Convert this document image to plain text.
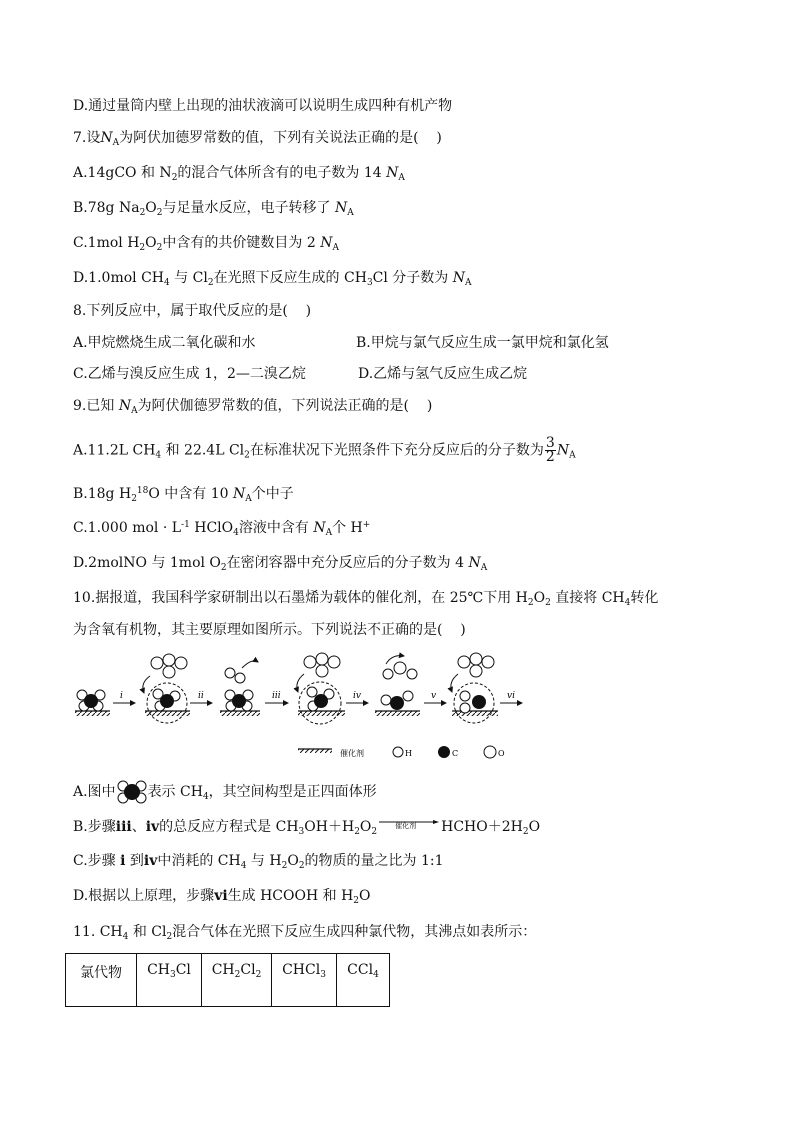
D.通过量筒内壁上出现的油状液滴可以说明生成四种有机产物
7.设$N_A$为阿伏加德罗常数的值，下列有关说法正确的是(    )
A.14gCO 和 $N_2$的混合气体所含有的电子数为 14 $N_A$
B.78g $Na_2O_2$与足量水反应，电子转移了 $N_A$
C.1mol $H_2O_2$中含有的共价键数目为 2 $N_A$
D.1.0mol $CH_4$ 与 $Cl_2$在光照下反应生成的 $CH_3Cl$ 分子数为 $N_A$
8.下列反应中，属于取代反应的是(    )
A.甲烷燃烧生成二氧化碳和水	B.甲烷与氯气反应生成一氯甲烷和氯化氢
C.乙烯与溴反应生成 1，2—二溴乙烷	D.乙烯与氢气反应生成乙烷
9.已知 $N_A$为阿伏伽德罗常数的值，下列说法正确的是(    )
A.11.2L $CH_4$ 和 22.4L $Cl_2$在标准状况下光照条件下充分反应后的分子数为 $\frac{3}{2} N_A$
B.18g $H_2^{18}O$ 中含有 10 $N_A$个中子
C.1.000 mol · $L^{-1}$ HClO$_4$溶液中含有 $N_A$个 H+
D.2molNO 与 1mol $O_2$在密闭容器中充分反应后的分子数为 4 $N_A$
10.据报道，我国科学家研制出以石墨烯为载体的催化剂，在 25℃下用 $H_2O_2$ 直接将 $CH_4$转化
为含氧有机物，其主要原理如图所示。下列说法不正确的是(    )
i	ii	iii	iv	v	vi
催化剂	H	C	O
A.图中 表示 $CH_4$，其空间构型是正四面体形
B.步骤iii、iv的总反应方程式是 $CH_3OH+H_2O_2$
催化剂 $HCHO+2H_2O$
C.步骤 i 到iv中消耗的 $CH_4$ 与 $H_2O_2$的物质的量之比为 1:1
D.根据以上原理，步骤vi生成 HCOOH 和 $H_2O$
11. $CH_4$ 和 $Cl_2$混合气体在光照下反应生成四种氯代物，其沸点如表所示：
氯代物	$CH_3Cl$	$CH_2Cl_2$	CHCl$_3$	CCl$_4$
